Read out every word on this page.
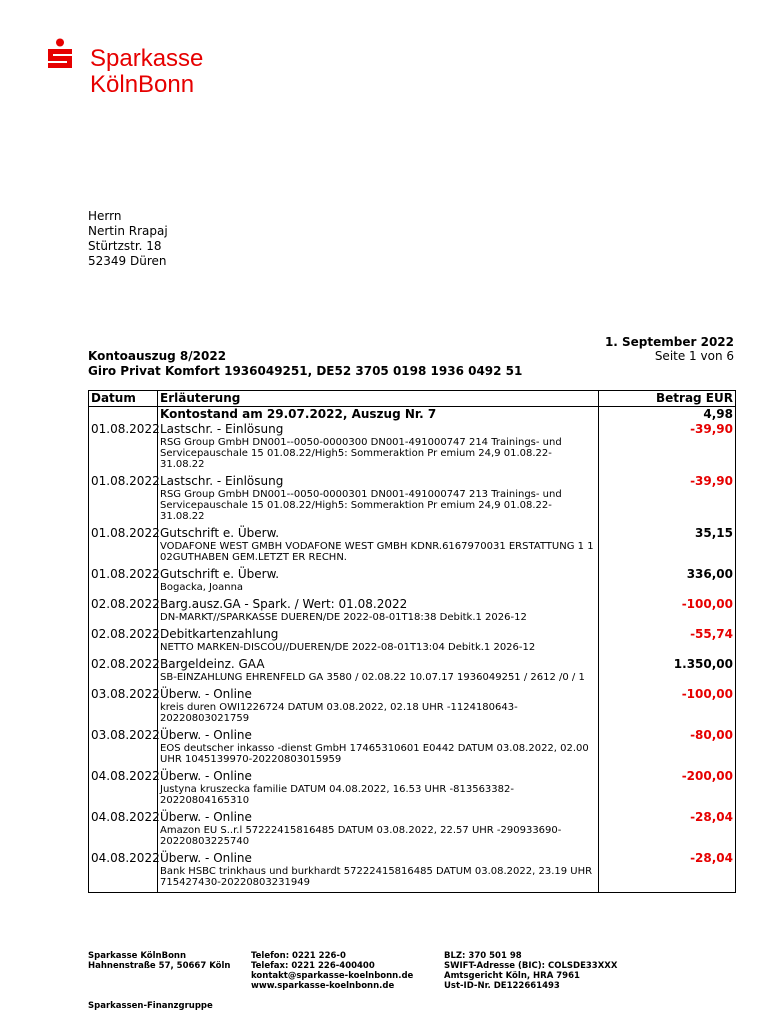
Sparkasse
KölnBonn
Herrn
Nertin Rrapaj
Stürtzstr. 18
52349 Düren
1. September 2022
Seite 1 von 6
Kontoauszug 8/2022
Giro Privat Komfort 1936049251, DE52 3705 0198 1936 0492 51
Datum	Erläuterung	Betrag EUR

	Kontostand am 29.07.2022, Auszug Nr. 7	4,98
01.08.2022	Lastschr. - Einlösung
RSG Group GmbH DN001--0050-0000300 DN001-491000747 214 Trainings- und Servicepauschale 15 01.08.22/High5: Sommeraktion Pr emium 24,9 01.08.22-31.08.22	-39,90
01.08.2022	Lastschr. - Einlösung
RSG Group GmbH DN001--0050-0000301 DN001-491000747 213 Trainings- und Servicepauschale 15 01.08.22/High5: Sommeraktion Pr emium 24,9 01.08.22-31.08.22	-39,90
01.08.2022	Gutschrift e. Überw.
VODAFONE WEST GMBH VODAFONE WEST GMBH KDNR.6167970031 ERSTATTUNG 1 1 02GUTHABEN GEM.LETZT ER RECHN.	35,15
01.08.2022	Gutschrift e. Überw.
Bogacka, Joanna	336,00
02.08.2022	Barg.ausz.GA - Spark. / Wert: 01.08.2022
DN-MARKT//SPARKASSE DUEREN/DE 2022-08-01T18:38 Debitk.1 2026-12	-100,00
02.08.2022	Debitkartenzahlung
NETTO MARKEN-DISCOU//DUEREN/DE 2022-08-01T13:04 Debitk.1 2026-12	-55,74
02.08.2022	Bargeldeinz. GAA
SB-EINZAHLUNG EHRENFELD GA 3580 / 02.08.22 10.07.17 1936049251 / 2612 /0 / 1	1.350,00
03.08.2022	Überw. - Online
kreis duren OWI1226724 DATUM 03.08.2022, 02.18 UHR -1124180643-20220803021759	-100,00
03.08.2022	Überw. - Online
EOS deutscher inkasso -dienst GmbH 17465310601 E0442 DATUM 03.08.2022, 02.00 UHR 1045139970-20220803015959	-80,00
04.08.2022	Überw. - Online
Justyna kruszecka familie DATUM 04.08.2022, 16.53 UHR -813563382-20220804165310	-200,00
04.08.2022	Überw. - Online
Amazon EU S..r.l 57222415816485 DATUM 03.08.2022, 22.57 UHR -290933690-20220803225740	-28,04
04.08.2022	Überw. - Online
Bank HSBC trinkhaus und burkhardt 57222415816485 DATUM 03.08.2022, 23.19 UHR 715427430-20220803231949	-28,04
Sparkasse KölnBonn
Hahnenstraße 57, 50667 Köln
Telefon: 0221 226-0
Telefax: 0221 226-400400
kontakt@sparkasse-koelnbonn.de
www.sparkasse-koelnbonn.de
BLZ: 370 501 98
SWIFT-Adresse (BIC): COLSDE33XXX
Amtsgericht Köln, HRA 7961
Ust-ID-Nr. DE122661493
Sparkassen-Finanzgruppe
